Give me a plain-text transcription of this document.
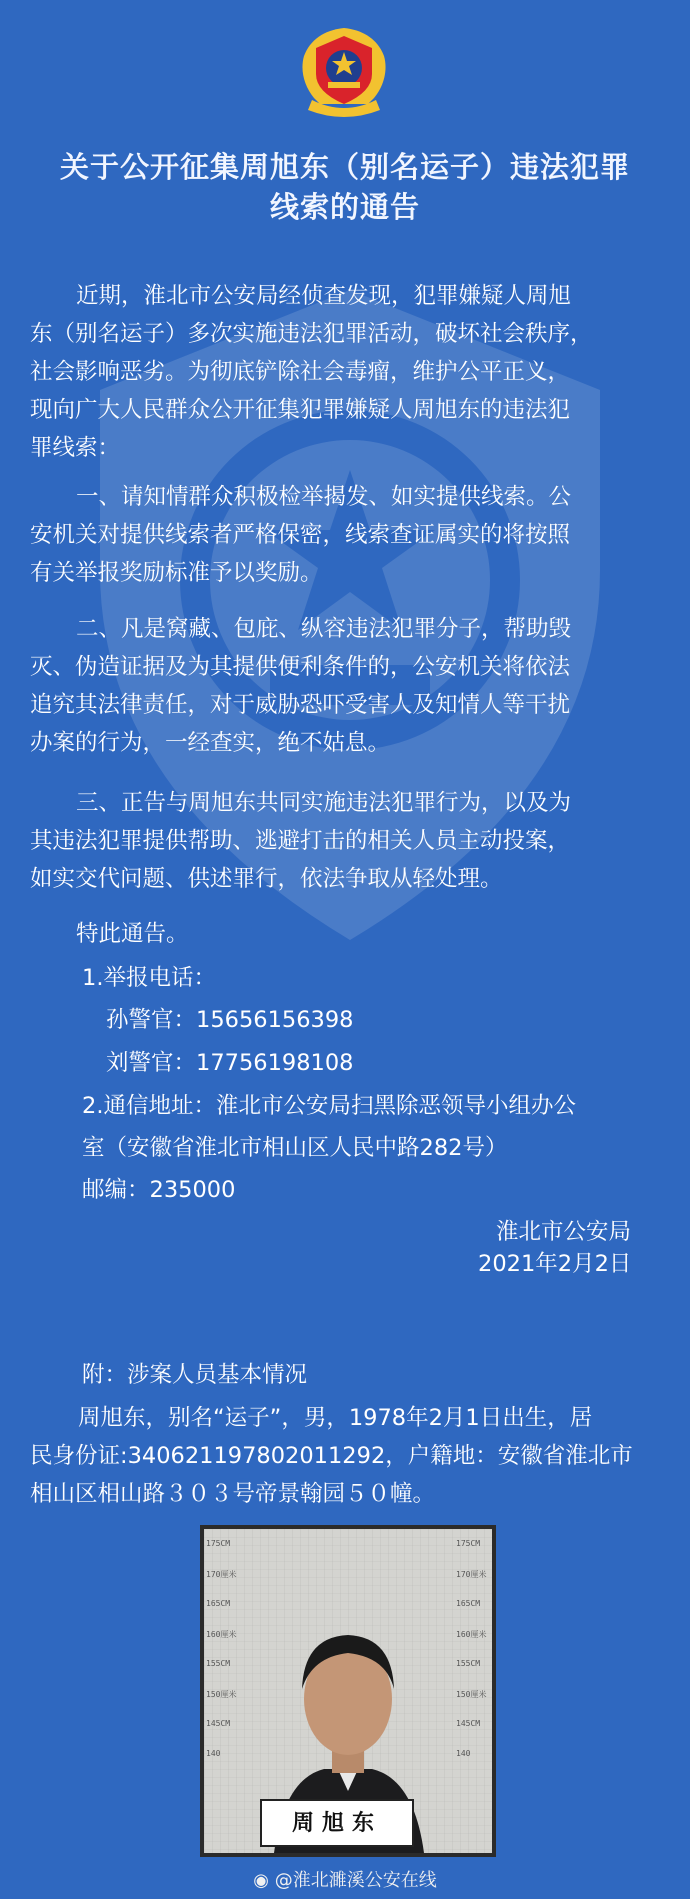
关于公开征集周旭东（别名运子）违法犯罪
线索的通告
近期，淮北市公安局经侦查发现，犯罪嫌疑人周旭
东（别名运子）多次实施违法犯罪活动，破坏社会秩序，
社会影响恶劣。为彻底铲除社会毒瘤，维护公平正义，
现向广大人民群众公开征集犯罪嫌疑人周旭东的违法犯
罪线索：
一、请知情群众积极检举揭发、如实提供线索。公
安机关对提供线索者严格保密，线索查证属实的将按照
有关举报奖励标准予以奖励。
二、凡是窝藏、包庇、纵容违法犯罪分子，帮助毁
灭、伪造证据及为其提供便利条件的，公安机关将依法
追究其法律责任，对于威胁恐吓受害人及知情人等干扰
办案的行为，一经查实，绝不姑息。
三、正告与周旭东共同实施违法犯罪行为，以及为
其违法犯罪提供帮助、逃避打击的相关人员主动投案，
如实交代问题、供述罪行，依法争取从轻处理。
特此通告。
1.举报电话：
孙警官：15656156398
刘警官：17756198108
2.通信地址：淮北市公安局扫黑除恶领导小组办公
室（安徽省淮北市相山区人民中路282号）
邮编：235000
淮北市公安局
2021年2月2日
附：涉案人员基本情况
周旭东，别名“运子”，男，1978年2月1日出生，居
民身份证:340621197802011292，户籍地：安徽省淮北市
相山区相山路３０３号帝景翰园５０幢。
175CM
170厘米
165CM
160厘米
155CM
150厘米
145CM
140
175CM
170厘米
165CM
160厘米
155CM
150厘米
145CM
140
周旭东
◉ @淮北濉溪公安在线
